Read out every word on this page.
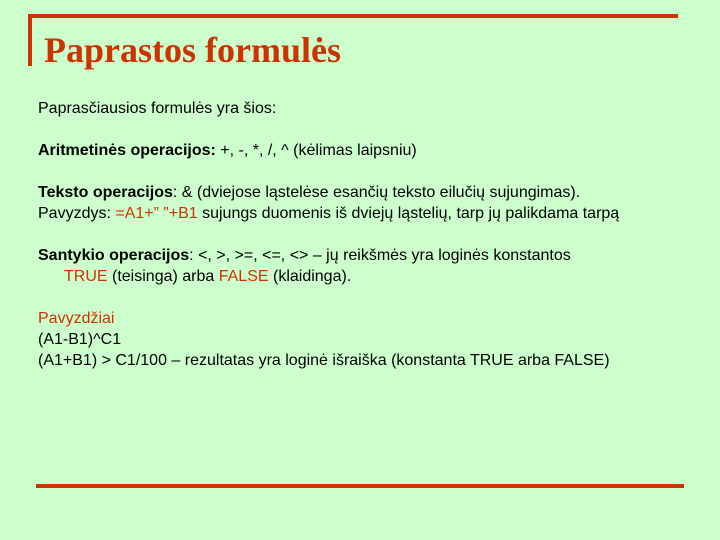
Paprastos formulės
Paprasčiausios formulės yra šios:
Aritmetinės operacijos: +, -, *, /, ^ (kėlimas laipsniu)
Teksto operacijos: & (dviejose ląstelėse esančių teksto eilučių sujungimas).
Pavyzdys: =A1+” ”+B1 sujungs duomenis iš dviejų ląstelių, tarp jų palikdama tarpą
Santykio operacijos: <, >, >=, <=, <> – jų reikšmės yra loginės konstantos
TRUE (teisinga) arba FALSE (klaidinga).
Pavyzdžiai
(A1-B1)^C1
(A1+B1) > C1/100 – rezultatas yra loginė išraiška (konstanta TRUE arba FALSE)
